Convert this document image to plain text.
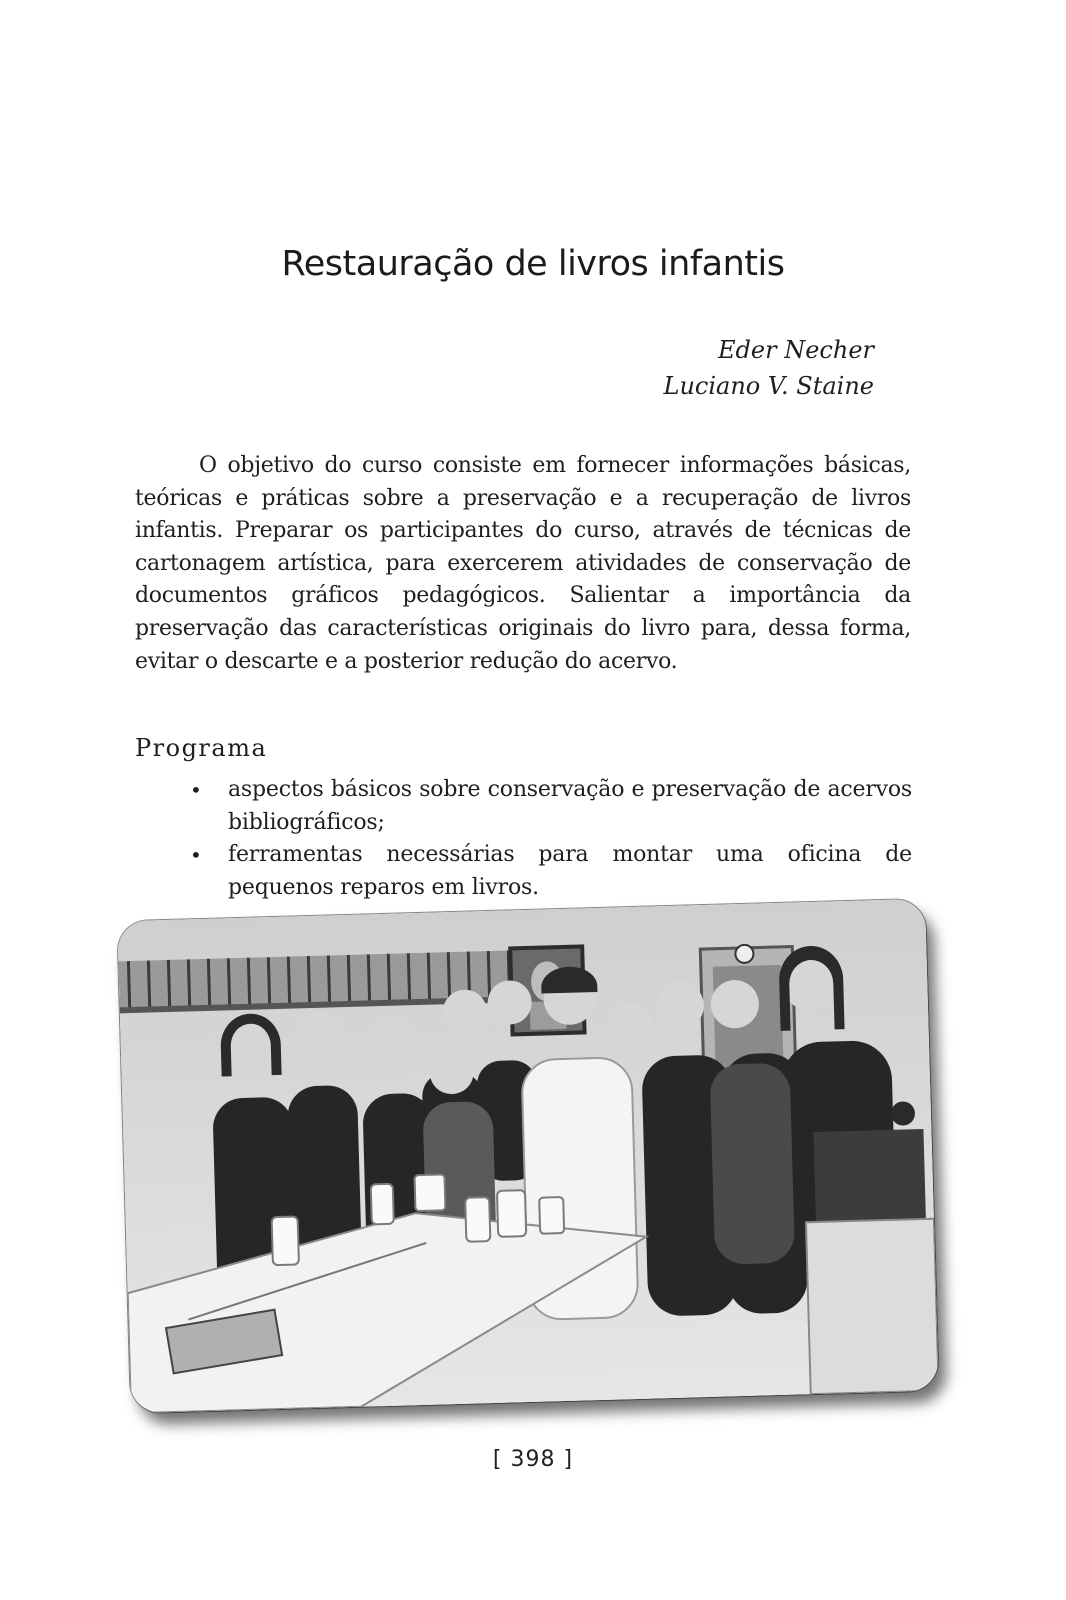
Restauração de livros infantis
Eder Necher
Luciano V. Staine

O objetivo do curso consiste em fornecer informações básicas, teóricas e práticas sobre a preservação e a recuperação de livros infantis. Preparar os participantes do curso, através de técnicas de cartonagem artística, para exercerem atividades de conservação de documentos gráficos pedagógicos. Salientar a importância da preservação das características originais do livro para, dessa forma, evitar o descarte e a posterior redução do acervo.

Programa
• aspectos básicos sobre conservação e preservação de acervos bibliográficos;
• ferramentas necessárias para montar uma oficina de pequenos reparos em livros.
[ 398 ]
